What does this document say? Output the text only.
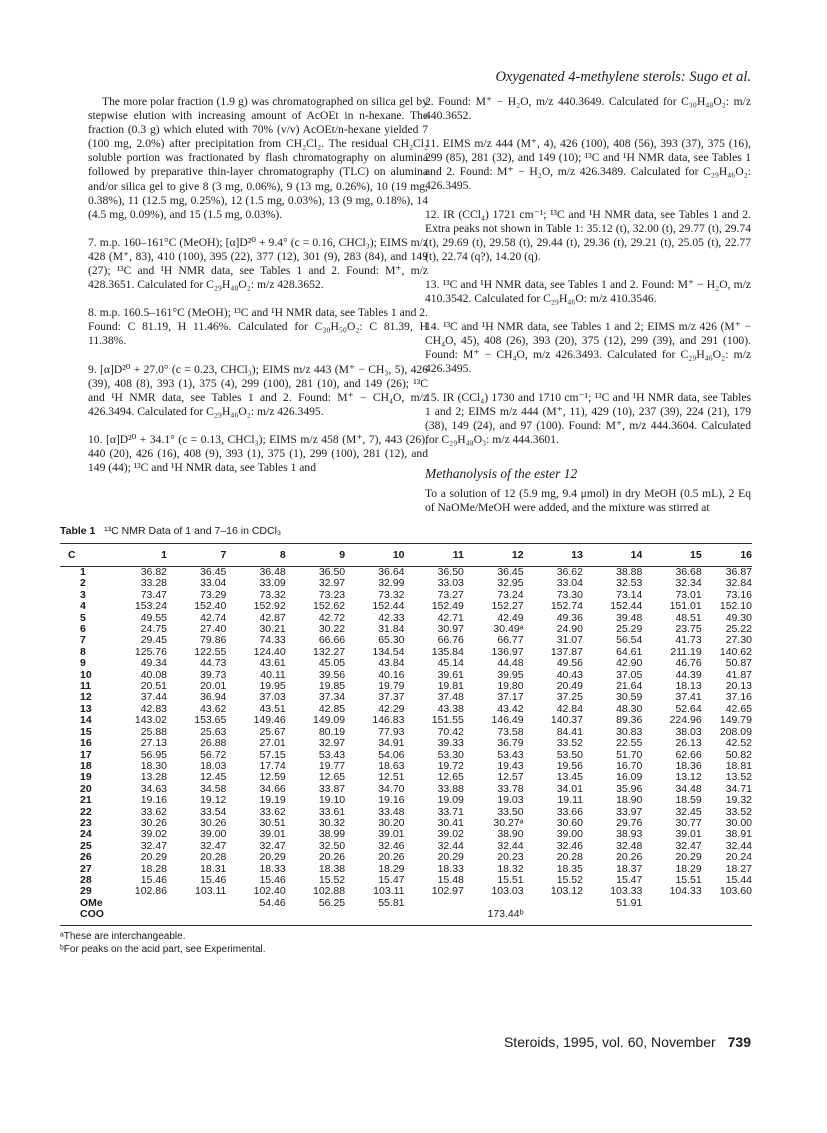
Oxygenated 4-methylene sterols: Sugo et al.

The more polar fraction (1.9 g) was chromatographed on silica gel by stepwise elution with increasing amount of AcOEt in n-hexane. The fraction (0.3 g) which eluted with 70% (v/v) AcOEt/n-hexane yielded 7 (100 mg, 2.0%) after precipitation from CH₂Cl₂. The residual CH₂Cl₂ soluble portion was fractionated by flash chromatography on alumina followed by preparative thin-layer chromatography (TLC) on alumina and/or silica gel to give 8 (3 mg, 0.06%), 9 (13 mg, 0.26%), 10 (19 mg, 0.38%), 11 (12.5 mg, 0.25%), 12 (1.5 mg, 0.03%), 13 (9 mg, 0.18%), 14 (4.5 mg, 0.09%), and 15 (1.5 mg, 0.03%).

7. m.p. 160–161°C (MeOH); [α]D²⁰ + 9.4° (c = 0.16, CHCl₃); EIMS m/z 428 (M⁺, 83), 410 (100), 395 (22), 377 (12), 301 (9), 283 (84), and 149 (27); ¹³C and ¹H NMR data, see Tables 1 and 2. Found: M⁺, m/z 428.3651. Calculated for C₂₉H₄₈O₂: m/z 428.3652.

8. m.p. 160.5–161°C (MeOH); ¹³C and ¹H NMR data, see Tables 1 and 2. Found: C 81.19, H 11.46%. Calculated for C₃₀H₅₀O₂: C 81.39, H 11.38%.

9. [α]D²⁰ + 27.0° (c = 0.23, CHCl₃); EIMS m/z 443 (M⁺ − CH₃, 5), 426 (39), 408 (8), 393 (1), 375 (4), 299 (100), 281 (10), and 149 (26); ¹³C and ¹H NMR data, see Tables 1 and 2. Found: M⁺ − CH₄O, m/z 426.3494. Calculated for C₂₉H₄₆O₂: m/z 426.3495.

10. [α]D²⁰ + 34.1° (c = 0.13, CHCl₃); EIMS m/z 458 (M⁺, 7), 443 (26), 440 (20), 426 (16), 408 (9), 393 (1), 375 (1), 299 (100), 281 (12), and 149 (44); ¹³C and ¹H NMR data, see Tables 1 and

2. Found: M⁺ − H₂O, m/z 440.3649. Calculated for C₃₀H₄₈O₂: m/z 440.3652.

11. EIMS m/z 444 (M⁺, 4), 426 (100), 408 (56), 393 (37), 375 (16), 299 (85), 281 (32), and 149 (10); ¹³C and ¹H NMR data, see Tables 1 and 2. Found: M⁺ − H₂O, m/z 426.3489. Calculated for C₂₉H₄₆O₂: 426.3495.

12. IR (CCl₄) 1721 cm⁻¹; ¹³C and ¹H NMR data, see Tables 1 and 2. Extra peaks not shown in Table 1: 35.12 (t), 32.00 (t), 29.77 (t), 29.74 (t), 29.69 (t), 29.58 (t), 29.44 (t), 29.36 (t), 29.21 (t), 25.05 (t), 22.77 (t), 22.74 (q?), 14.20 (q).

13. ¹³C and ¹H NMR data, see Tables 1 and 2. Found: M⁺ − H₂O, m/z 410.3542. Calculated for C₂₉H₄₆O: m/z 410.3546.

14. ¹³C and ¹H NMR data, see Tables 1 and 2; EIMS m/z 426 (M⁺ − CH₄O, 45), 408 (26), 393 (20), 375 (12), 299 (39), and 291 (100). Found: M⁺ − CH₄O, m/z 426.3493. Calculated for C₂₉H₄₆O₂: m/z 426.3495.

15. IR (CCl₄) 1730 and 1710 cm⁻¹; ¹³C and ¹H NMR data, see Tables 1 and 2; EIMS m/z 444 (M⁺, 11), 429 (10), 237 (39), 224 (21), 179 (38), 149 (24), and 97 (100). Found: M⁺, m/z 444.3604. Calculated for C₂₉H₄₈O₃: m/z 444.3601.

Methanolysis of the ester 12

To a solution of 12 (5.9 mg, 9.4 μmol) in dry MeOH (0.5 mL), 2 Eq of NaOMe/MeOH were added, and the mixture was stirred at

Table 1 ¹³C NMR Data of 1 and 7–16 in CDCl₃
C	1	7	8	9	10	11	12	13	14	15	16
1	36.82	36.45	36.48	36.50	36.64	36.50	36.45	36.62	38.88	36.68	36.87
2	33.28	33.04	33.09	32.97	32.99	33.03	32.95	33.04	32.53	32.34	32.84
3	73.47	73.29	73.32	73.23	73.32	73.27	73.24	73.30	73.14	73.01	73.16
4	153.24	152.40	152.92	152.62	152.44	152.49	152.27	152.74	152.44	151.01	152.10
5	49.55	42.74	42.87	42.72	42.33	42.71	42.49	49.36	39.48	48.51	49.30
6	24.75	27.40	30.21	30.22	31.84	30.97	30.49ᵃ	24.90	25.29	23.75	25.22
7	29.45	79.86	74.33	66.66	65.30	66.76	66.77	31.07	56.54	41.73	27.30
8	125.76	122.55	124.40	132.27	134.54	135.84	136.97	137.87	64.61	211.19	140.62
9	49.34	44.73	43.61	45.05	43.84	45.14	44.48	49.56	42.90	46.76	50.87
10	40.08	39.73	40.11	39.56	40.16	39.61	39.95	40.43	37.05	44.39	41.87
11	20.51	20.01	19.95	19.85	19.79	19.81	19.80	20.49	21.64	18.13	20.13
12	37.44	36.94	37.03	37.34	37.37	37.48	37.17	37.25	30.59	37.41	37.16
13	42.83	43.62	43.51	42.85	42.29	43.38	43.42	42.84	48.30	52.64	42.65
14	143.02	153.65	149.46	149.09	146.83	151.55	146.49	140.37	89.36	224.96	149.79
15	25.88	25.63	25.67	80.19	77.93	70.42	73.58	84.41	30.83	38.03	208.09
16	27.13	26.88	27.01	32.97	34.91	39.33	36.79	33.52	22.55	26.13	42.52
17	56.95	56.72	57.15	53.43	54.06	53.30	53.43	53.50	51.70	62.66	50.82
18	18.30	18.03	17.74	19.77	18.63	19.72	19.43	19.56	16.70	18.36	18.81
19	13.28	12.45	12.59	12.65	12.51	12.65	12.57	13.45	16.09	13.12	13.52
20	34.63	34.58	34.66	33.87	34.70	33.88	33.78	34.01	35.96	34.48	34.71
21	19.16	19.12	19.19	19.10	19.16	19.09	19.03	19.11	18.90	18.59	19.32
22	33.62	33.54	33.62	33.61	33.48	33.71	33.50	33.66	33.97	32.45	33.52
23	30.26	30.26	30.51	30.32	30.20	30.41	30.27ᵃ	30.60	29.76	30.77	30.00
24	39.02	39.00	39.01	38.99	39.01	39.02	38.90	39.00	38.93	39.01	38.91
25	32.47	32.47	32.47	32.50	32.46	32.44	32.44	32.46	32.48	32.47	32.44
26	20.29	20.28	20.29	20.26	20.26	20.29	20.23	20.28	20.26	20.29	20.24
27	18.28	18.31	18.33	18.38	18.29	18.33	18.32	18.35	18.37	18.29	18.27
28	15.46	15.46	15.46	15.52	15.47	15.48	15.51	15.52	15.47	15.51	15.44
29	102.86	103.11	102.40	102.88	103.11	102.97	103.03	103.12	103.33	104.33	103.60
OMe			54.46	56.25	55.81				51.91		
COO							173.44ᵇ				
ᵃThese are interchangeable.
ᵇFor peaks on the acid part, see Experimental.
Steroids, 1995, vol. 60, November 739
